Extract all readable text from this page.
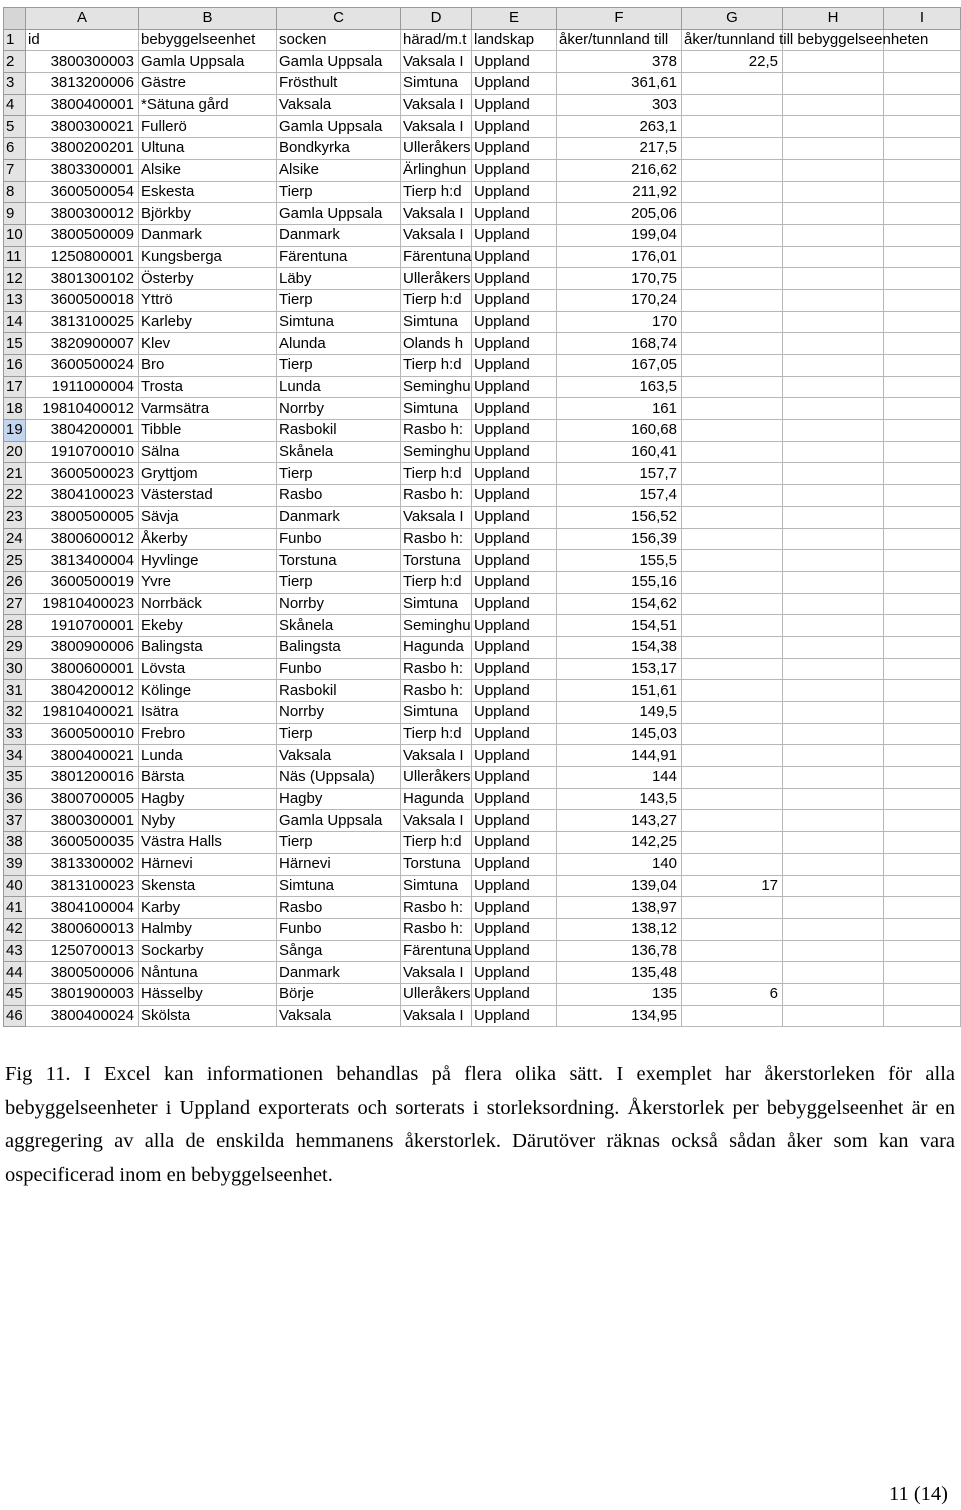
	A	B	C	D	E	F	G	H	I
1	id	bebyggelseenhet	socken	härad/m.t	landskap	åker/tunnland till	åker/tunnland till bebyggelseenheten		
2	3800300003	Gamla Uppsala	Gamla Uppsala	Vaksala I	Uppland	378	22,5		
3	3813200006	Gästre	Frösthult	Simtuna	Uppland	361,61			
4	3800400001	*Sätuna gård	Vaksala	Vaksala I	Uppland	303			
5	3800300021	Fullerö	Gamla Uppsala	Vaksala I	Uppland	263,1			
6	3800200201	Ultuna	Bondkyrka	Ulleråkers	Uppland	217,5			
7	3803300001	Alsike	Alsike	Ärlinghun	Uppland	216,62			
8	3600500054	Eskesta	Tierp	Tierp h:d	Uppland	211,92			
9	3800300012	Björkby	Gamla Uppsala	Vaksala I	Uppland	205,06			
10	3800500009	Danmark	Danmark	Vaksala I	Uppland	199,04			
11	1250800001	Kungsberga	Färentuna	Färentuna	Uppland	176,01			
12	3801300102	Österby	Läby	Ulleråkers	Uppland	170,75			
13	3600500018	Yttrö	Tierp	Tierp h:d	Uppland	170,24			
14	3813100025	Karleby	Simtuna	Simtuna	Uppland	170			
15	3820900007	Klev	Alunda	Olands h	Uppland	168,74			
16	3600500024	Bro	Tierp	Tierp h:d	Uppland	167,05			
17	1911000004	Trosta	Lunda	Seminghu	Uppland	163,5			
18	19810400012	Varmsätra	Norrby	Simtuna	Uppland	161			
19	3804200001	Tibble	Rasbokil	Rasbo h:	Uppland	160,68			
20	1910700010	Sälna	Skånela	Seminghu	Uppland	160,41			
21	3600500023	Gryttjom	Tierp	Tierp h:d	Uppland	157,7			
22	3804100023	Västerstad	Rasbo	Rasbo h:	Uppland	157,4			
23	3800500005	Sävja	Danmark	Vaksala I	Uppland	156,52			
24	3800600012	Åkerby	Funbo	Rasbo h:	Uppland	156,39			
25	3813400004	Hyvlinge	Torstuna	Torstuna	Uppland	155,5			
26	3600500019	Yvre	Tierp	Tierp h:d	Uppland	155,16			
27	19810400023	Norrbäck	Norrby	Simtuna	Uppland	154,62			
28	1910700001	Ekeby	Skånela	Seminghu	Uppland	154,51			
29	3800900006	Balingsta	Balingsta	Hagunda	Uppland	154,38			
30	3800600001	Lövsta	Funbo	Rasbo h:	Uppland	153,17			
31	3804200012	Kölinge	Rasbokil	Rasbo h:	Uppland	151,61			
32	19810400021	Isätra	Norrby	Simtuna	Uppland	149,5			
33	3600500010	Frebro	Tierp	Tierp h:d	Uppland	145,03			
34	3800400021	Lunda	Vaksala	Vaksala I	Uppland	144,91			
35	3801200016	Bärsta	Näs (Uppsala)	Ulleråkers	Uppland	144			
36	3800700005	Hagby	Hagby	Hagunda	Uppland	143,5			
37	3800300001	Nyby	Gamla Uppsala	Vaksala I	Uppland	143,27			
38	3600500035	Västra Halls	Tierp	Tierp h:d	Uppland	142,25			
39	3813300002	Härnevi	Härnevi	Torstuna	Uppland	140			
40	3813100023	Skensta	Simtuna	Simtuna	Uppland	139,04	17		
41	3804100004	Karby	Rasbo	Rasbo h:	Uppland	138,97			
42	3800600013	Halmby	Funbo	Rasbo h:	Uppland	138,12			
43	1250700013	Sockarby	Sånga	Färentuna	Uppland	136,78			
44	3800500006	Nåntuna	Danmark	Vaksala I	Uppland	135,48			
45	3801900003	Hässelby	Börje	Ulleråkers	Uppland	135	6		
46	3800400024	Skölsta	Vaksala	Vaksala I	Uppland	134,95			

Fig 11. I Excel kan informationen behandlas på flera olika sätt. I exemplet har åkerstorleken för alla bebyggelseenheter i Uppland exporterats och sorterats i storleksordning. Åkerstorlek per bebyggelseenhet är en aggregering av alla de enskilda hemmanens åkerstorlek. Därutöver räknas också sådan åker som kan vara ospecificerad inom en bebyggelseenhet.

11 (14)
